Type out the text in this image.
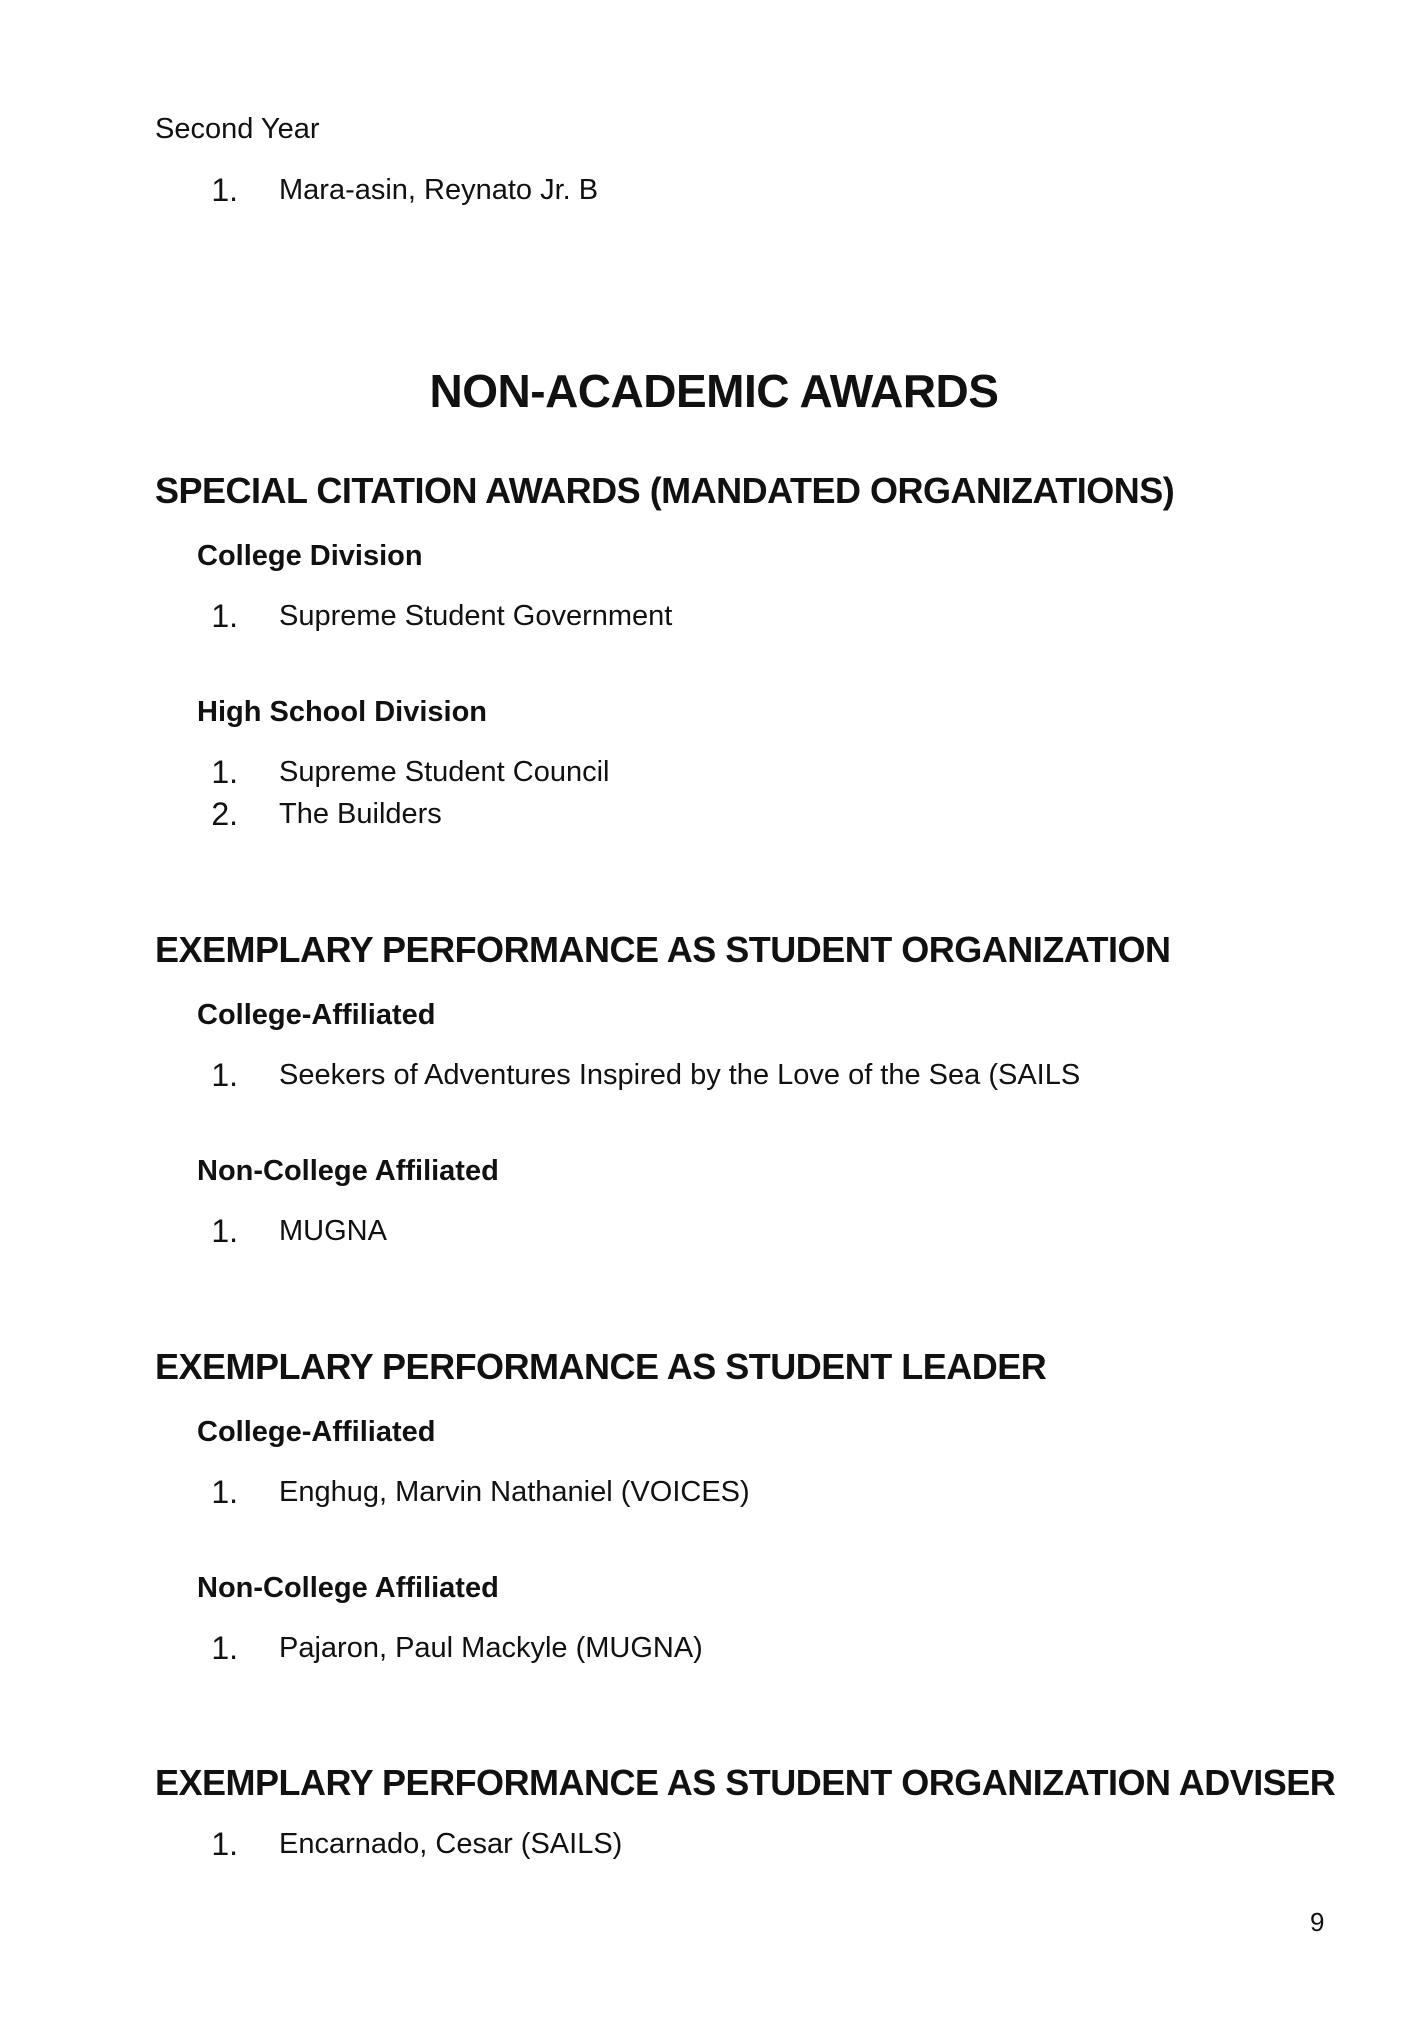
Second Year
1. Mara-asin, Reynato Jr. B
NON-ACADEMIC AWARDS
SPECIAL CITATION AWARDS (MANDATED ORGANIZATIONS)
College Division
1. Supreme Student Government
High School Division
1. Supreme Student Council
2. The Builders
EXEMPLARY PERFORMANCE AS STUDENT ORGANIZATION
College-Affiliated
1. Seekers of Adventures Inspired by the Love of the Sea (SAILS
Non-College Affiliated
1. MUGNA
EXEMPLARY PERFORMANCE AS STUDENT LEADER
College-Affiliated
1. Enghug, Marvin Nathaniel (VOICES)
Non-College Affiliated
1. Pajaron, Paul Mackyle (MUGNA)
EXEMPLARY PERFORMANCE AS STUDENT ORGANIZATION ADVISER
1. Encarnado, Cesar (SAILS)
9
